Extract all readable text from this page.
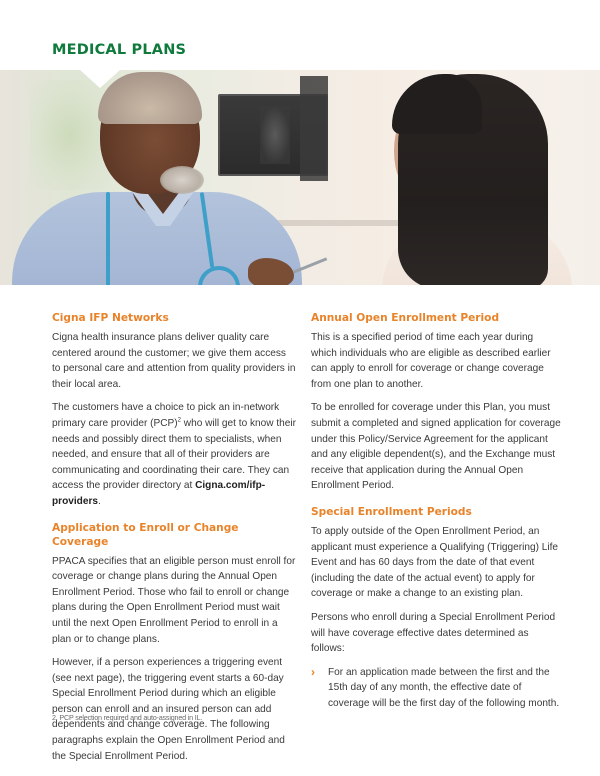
MEDICAL PLANS
Cigna IFP Networks

Cigna health insurance plans deliver quality care centered around the customer; we give them access to personal care and attention from quality providers in their local area.

The customers have a choice to pick an in-network primary care provider (PCP)$^2$ who will get to know their needs and possibly direct them to specialists, when needed, and ensure that all of their providers are communicating and coordinating their care. They can access the provider directory at Cigna.com/ifp-providers.

Application to Enroll or Change Coverage

PPACA specifies that an eligible person must enroll for coverage or change plans during the Annual Open Enrollment Period. Those who fail to enroll or change plans during the Open Enrollment Period must wait until the next Open Enrollment Period to enroll in a plan or to change plans.

However, if a person experiences a triggering event (see next page), the triggering event starts a 60-day Special Enrollment Period during which an eligible person can enroll and an insured person can add dependents and change coverage. The following paragraphs explain the Open Enrollment Period and the Special Enrollment Period.

Annual Open Enrollment Period

This is a specified period of time each year during which individuals who are eligible as described earlier can apply to enroll for coverage or change coverage from one plan to another.

To be enrolled for coverage under this Plan, you must submit a completed and signed application for coverage under this Policy/Service Agreement for the applicant and any eligible dependent(s), and the Exchange must receive that application during the Annual Open Enrollment Period.

Special Enrollment Periods

To apply outside of the Open Enrollment Period, an applicant must experience a Qualifying (Triggering) Life Event and has 60 days from the date of that event (including the date of the actual event) to apply for coverage or make a change to an existing plan.

Persons who enroll during a Special Enrollment Period will have coverage effective dates determined as follows:

› For an application made between the first and the 15th day of any month, the effective date of coverage will be the first day of the following month.
2. PCP selection required and auto-assigned in IL.
